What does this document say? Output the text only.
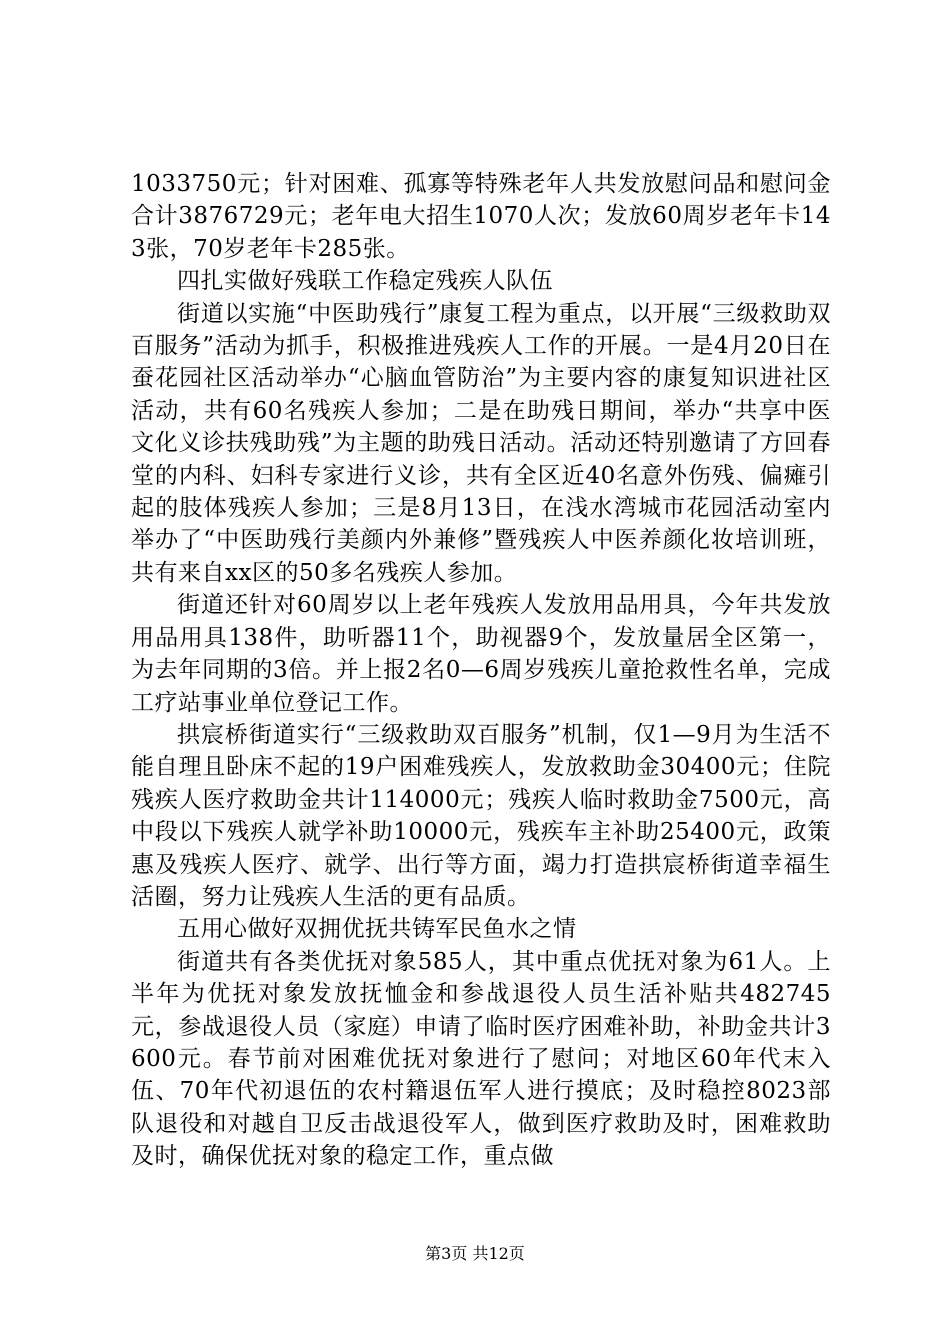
1033750元；针对困难、孤寡等特殊老年人共发放慰问品和慰问金合计3876729元；老年电大招生1070人次；发放60周岁老年卡143张，70岁老年卡285张。

四扎实做好残联工作稳定残疾人队伍

街道以实施“中医助残行”康复工程为重点，以开展“三级救助双百服务”活动为抓手，积极推进残疾人工作的开展。一是4月20日在蚕花园社区活动举办“心脑血管防治”为主要内容的康复知识进社区活动，共有60名残疾人参加；二是在助残日期间，举办“共享中医文化义诊扶残助残”为主题的助残日活动。活动还特别邀请了方回春堂的内科、妇科专家进行义诊，共有全区近40名意外伤残、偏瘫引起的肢体残疾人参加；三是8月13日，在浅水湾城市花园活动室内举办了“中医助残行美颜内外兼修”暨残疾人中医养颜化妆培训班，共有来自xx区的50多名残疾人参加。

街道还针对60周岁以上老年残疾人发放用品用具，今年共发放用品用具138件，助听器11个，助视器9个，发放量居全区第一，为去年同期的3倍。并上报2名0—6周岁残疾儿童抢救性名单，完成工疗站事业单位登记工作。

拱宸桥街道实行“三级救助双百服务”机制，仅1—9月为生活不能自理且卧床不起的19户困难残疾人，发放救助金30400元；住院残疾人医疗救助金共计114000元；残疾人临时救助金7500元，高中段以下残疾人就学补助10000元，残疾车主补助25400元，政策惠及残疾人医疗、就学、出行等方面，竭力打造拱宸桥街道幸福生活圈，努力让残疾人生活的更有品质。

五用心做好双拥优抚共铸军民鱼水之情

街道共有各类优抚对象585人，其中重点优抚对象为61人。上半年为优抚对象发放抚恤金和参战退役人员生活补贴共482745元，参战退役人员（家庭）申请了临时医疗困难补助，补助金共计3600元。春节前对困难优抚对象进行了慰问；对地区60年代末入伍、70年代初退伍的农村籍退伍军人进行摸底；及时稳控8023部队退役和对越自卫反击战退役军人，做到医疗救助及时，困难救助及时，确保优抚对象的稳定工作，重点做

第3页 共12页
